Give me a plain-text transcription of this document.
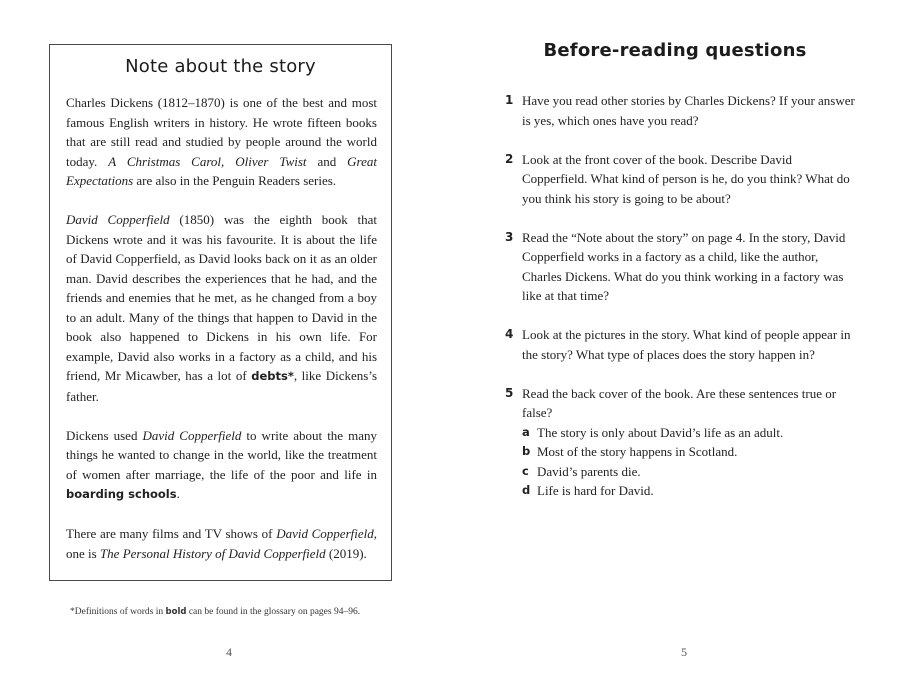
Note about the story

Charles Dickens (1812–1870) is one of the best and most famous English writers in history. He wrote fifteen books that are still read and studied by people around the world today. A Christmas Carol, Oliver Twist and Great Expectations are also in the Penguin Readers series.

David Copperfield (1850) was the eighth book that Dickens wrote and it was his favourite. It is about the life of David Copperfield, as David looks back on it as an older man. David describes the experiences that he had, and the friends and enemies that he met, as he changed from a boy to an adult. Many of the things that happen to David in the book also happened to Dickens in his own life. For example, David also works in a factory as a child, and his friend, Mr Micawber, has a lot of debts*, like Dickens’s father.

Dickens used David Copperfield to write about the many things he wanted to change in the world, like the treatment of women after marriage, the life of the poor and life in boarding schools.

There are many films and TV shows of David Copperfield, one is The Personal History of David Copperfield (2019).

*Definitions of words in bold can be found in the glossary on pages 94–96.

4

Before-reading questions
1 Have you read other stories by Charles Dickens? If your answer is yes, which ones have you read?

2 Look at the front cover of the book. Describe David Copperfield. What kind of person is he, do you think? What do you think his story is going to be about?

3 Read the “Note about the story” on page 4. In the story, David Copperfield works in a factory as a child, like the author, Charles Dickens. What do you think working in a factory was like at that time?

4 Look at the pictures in the story. What kind of people appear in the story? What type of places does the story happen in?

5 Read the back cover of the book. Are these sentences true or false?

a The story is only about David’s life as an adult.
b Most of the story happens in Scotland.
c David’s parents die.
d Life is hard for David.

5
